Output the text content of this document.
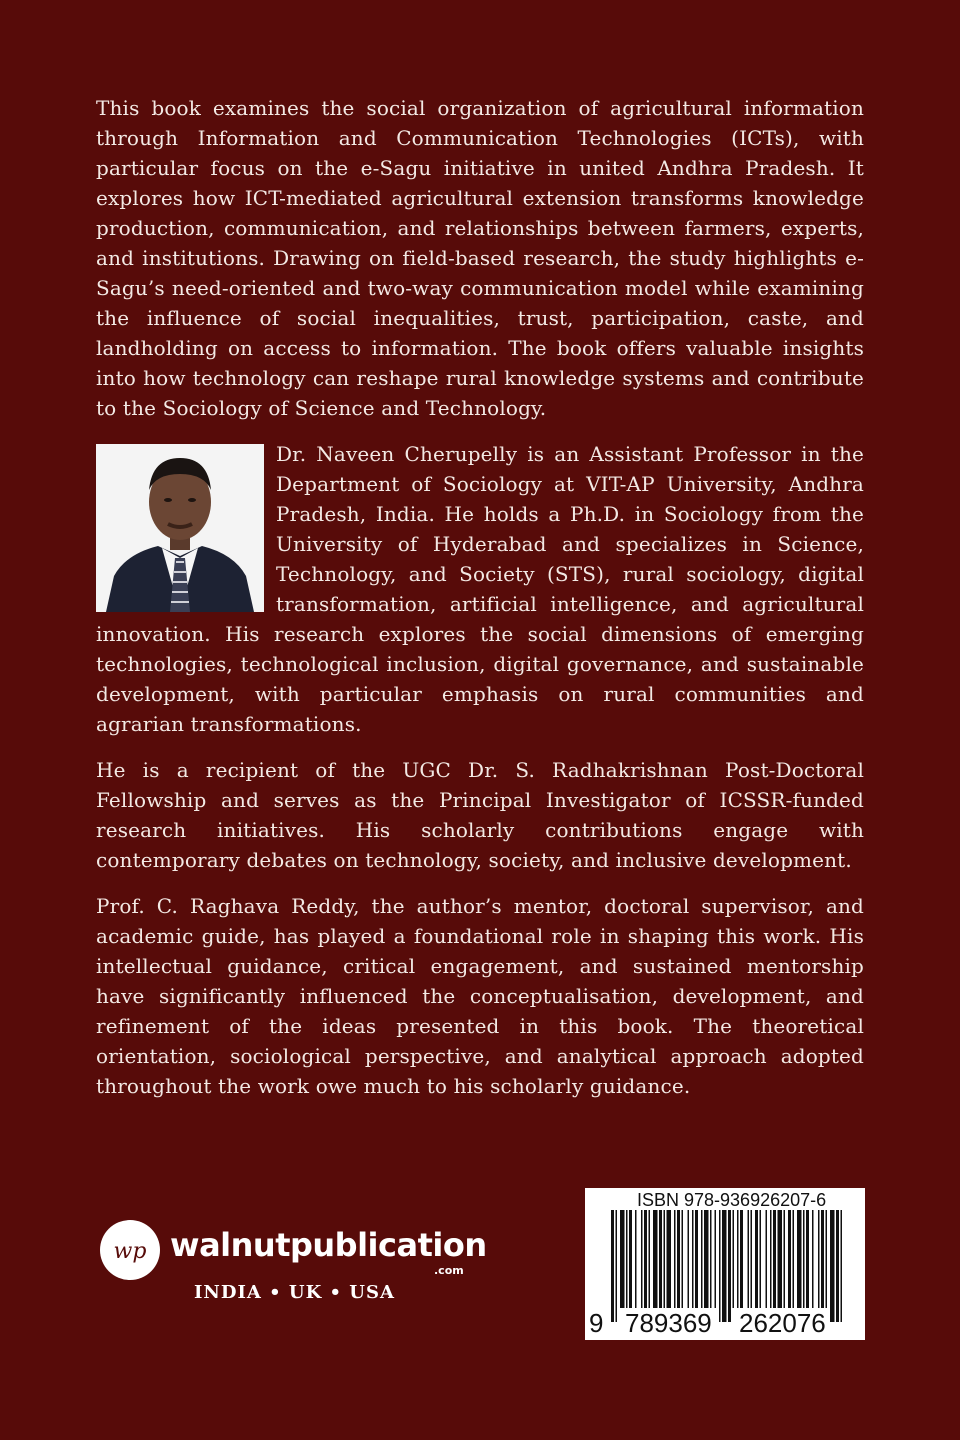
This book examines the social organization of agricultural information through Information and Communication Technologies (ICTs), with particular focus on the e-Sagu initiative in united Andhra Pradesh. It explores how ICT-mediated agricultural extension transforms knowledge production, communication, and relationships between farmers, experts, and institutions. Drawing on field-based research, the study highlights e-Sagu’s need-oriented and two-way communication model while examining the influence of social inequalities, trust, participation, caste, and landholding on access to information. The book offers valuable insights into how technology can reshape rural knowledge systems and contribute to the Sociology of Science and Technology.

Dr. Naveen Cherupelly is an Assistant Professor in the Department of Sociology at VIT-AP University, Andhra Pradesh, India. He holds a Ph.D. in Sociology from the University of Hyderabad and specializes in Science, Technology, and Society (STS), rural sociology, digital transformation, artificial intelligence, and agricultural innovation. His research explores the social dimensions of emerging technologies, technological inclusion, digital governance, and sustainable development, with particular emphasis on rural communities and agrarian transformations.

He is a recipient of the UGC Dr. S. Radhakrishnan Post-Doctoral Fellowship and serves as the Principal Investigator of ICSSR-funded research initiatives. His scholarly contributions engage with contemporary debates on technology, society, and inclusive development.

Prof. C. Raghava Reddy, the author’s mentor, doctoral supervisor, and academic guide, has played a foundational role in shaping this work. His intellectual guidance, critical engagement, and sustained mentorship have significantly influenced the conceptualisation, development, and refinement of the ideas presented in this book. The theoretical orientation, sociological perspective, and analytical approach adopted throughout the work owe much to his scholarly guidance.

wp walnutpublication
.com
INDIA • UK • USA
ISBN 978-936926207-6
9 789369 262076
